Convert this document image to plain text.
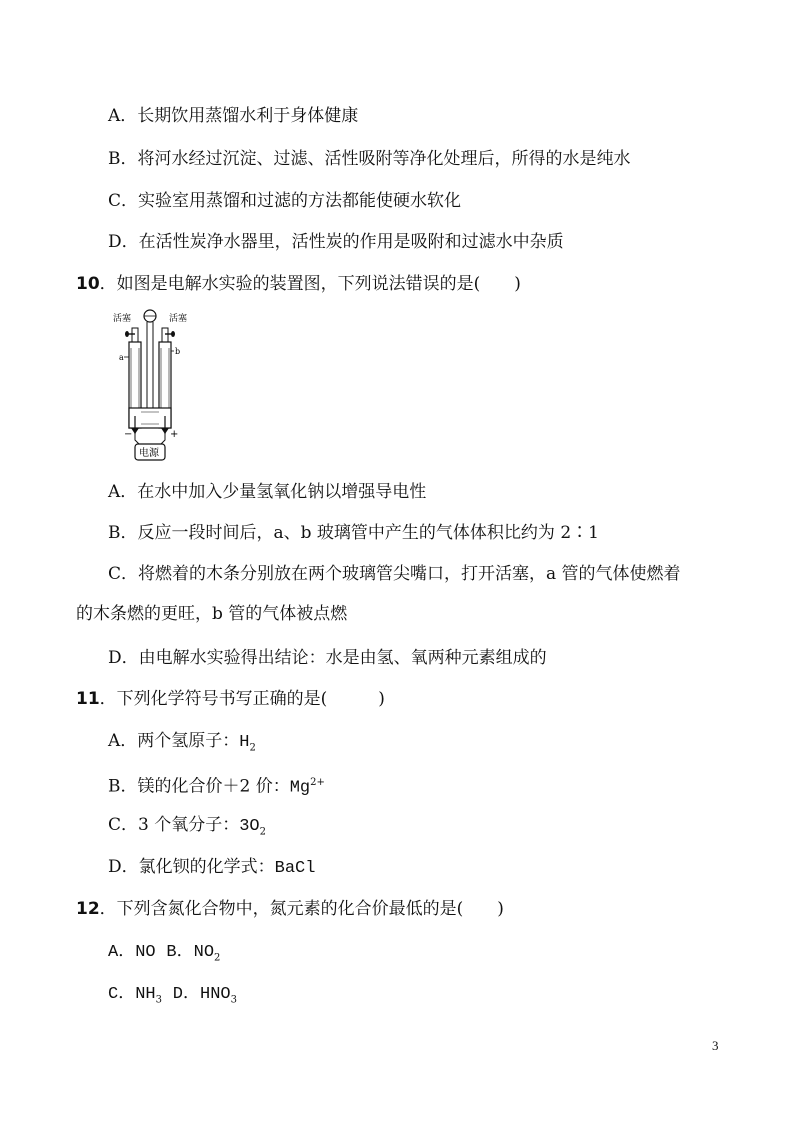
A．长期饮用蒸馏水利于身体健康
B．将河水经过沉淀、过滤、活性吸附等净化处理后，所得的水是纯水
C．实验室用蒸馏和过滤的方法都能使硬水软化
D．在活性炭净水器里，活性炭的作用是吸附和过滤水中杂质
10．如图是电解水实验的装置图，下列说法错误的是(　　)
活塞	活塞
a
b
−	+
电源
A．在水中加入少量氢氧化钠以增强导电性
B．反应一段时间后，a、b 玻璃管中产生的气体体积比约为 2∶1
C．将燃着的木条分别放在两个玻璃管尖嘴口，打开活塞，a 管的气体使燃着
的木条燃的更旺，b 管的气体被点燃
D．由电解水实验得出结论：水是由氢、氧两种元素组成的
11．下列化学符号书写正确的是(　　　)
A．两个氢原子：$H_2$
B．镁的化合价＋2 价：$Mg^{2+}$
C．3 个氧分子：$3O_2$
D．氯化钡的化学式：BaCl
12．下列含氮化合物中，氮元素的化合价最低的是(　　)
A．NO B．$NO_2$
C．$NH_3$ D．$HNO_3$
3
